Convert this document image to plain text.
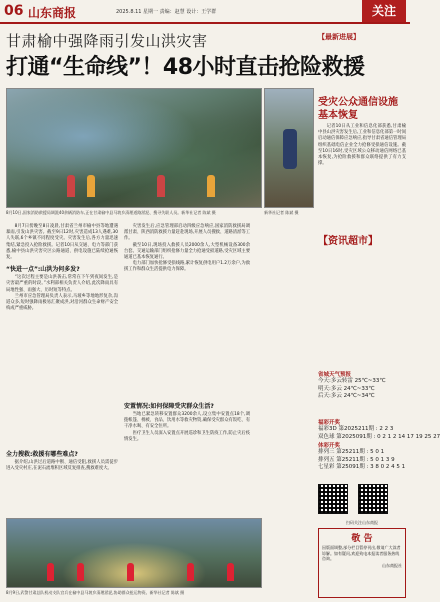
06 山东商报	2025.8.11 星期一 责编：赵慧 设计：王学群	关注
甘肃榆中强降雨引发山洪灾害
打通“生命线”！48小时直击抢险救援
8月10日,国家消防救援局调派40余辆消防车,正在甘肃榆中县马坡乡清理道路淤泥、搜寻失联人员。新华社记者 陈斌 摄	新华社记者 陈斌 摄
【最新进展】
受灾公众通信设施基本恢复

记者10日从工业和信息化部获悉,甘肃榆中县山洪灾害发生后,工业和信息化部第一时间启动通信保障应急响应,指导甘肃省通信管理局组织基础电信企业全力抢修受损通信设施。截至10日16时,受灾区域公众移动通信网络已基本恢复,为抢险救援和群众联络提供了有力支撑。

8月7日傍晚至8日凌晨,甘肃省兰州市榆中县等地遭遇暴雨,引发山洪灾害。截至9日12时,灾害造成13人遇难,30人失联,6个乡镇不同程度受灾。灾害发生后,各方力量迅速集结,紧急投入抢险救援。记者10日从交通、电力等部门获悉,榆中县山洪灾害灾区公路通道、供电设施已陆续抢通恢复。

“快进一点”:山洪为何多发?

“这次过程主要是山洪袭击,常常在下午到夜间发生,是灾害最严重的时段。”水利部相关负责人介绍,此次降雨具有局地性强、雨强大、历时短等特点。

兰州市应急管理局负责人表示,马坡乡等地地形复杂,沟道众多,短时强降雨极易汇聚成洪,对沿河群众生命财产安全构成严重威胁。

全力搜救:救援有哪些难点?

据介绍,山洪过后道路中断、通信受阻,救援人员需徒步进入受灾村庄,在泥石流堆积区域反复排查,搜救难度大。

灾害发生后,应急管理部启动四级应急响应,国家消防救援局调派甘肃、陕西消防救援力量赶赴现场,开展人员搜救、道路清淤等工作。

截至10日,现场投入救援人员2000余人,大型机械设备300余台套。交通运输部门组织抢修力量全力抢通受损道路,受灾区域主要通道已基本恢复通行。

电力部门加快抢修受损线路,累计恢复供电用户1.2万余户,为救援工作和群众生活提供电力保障。

安置情况:如何保障受灾群众生活?

当地已紧急转移安置群众3200余人,设立集中安置点18个,调拨帐篷、棉被、食品、饮用水等救灾物资,确保受灾群众有饭吃、有干净水喝、有安全住所。

医疗卫生人员深入安置点开展巡诊和卫生防疫工作,防止灾后疫情发生。

8月9日,武警甘肃总队机动支队官兵在榆中县马坡乡清理淤泥,协助群众抢运物资。新华社记者 陈斌 摄
【资讯超市】
省城天气预报
今天:多云转雷 25℃~33℃
明天:多云 24℃~33℃
后天:多云 24℃~34℃
福彩开奖
福彩3D 第2025211期 : 2 2 3
双色球 第2025091期 : 0 2 1 2 14 17 19 25 27
体彩开奖
排列三 第25211期 : 5 0 1
排列五 第25211期 : 5 0 1 3 9
七星彩 第25091期 : 3 8 0 2 4 5 1
扫码关注山东商报
敬 告
因版面调整,部分栏目暂停刊出,敬请广大读者谅解。如有疑问,欢迎致电本报读者服务热线咨询。
山东商报社
